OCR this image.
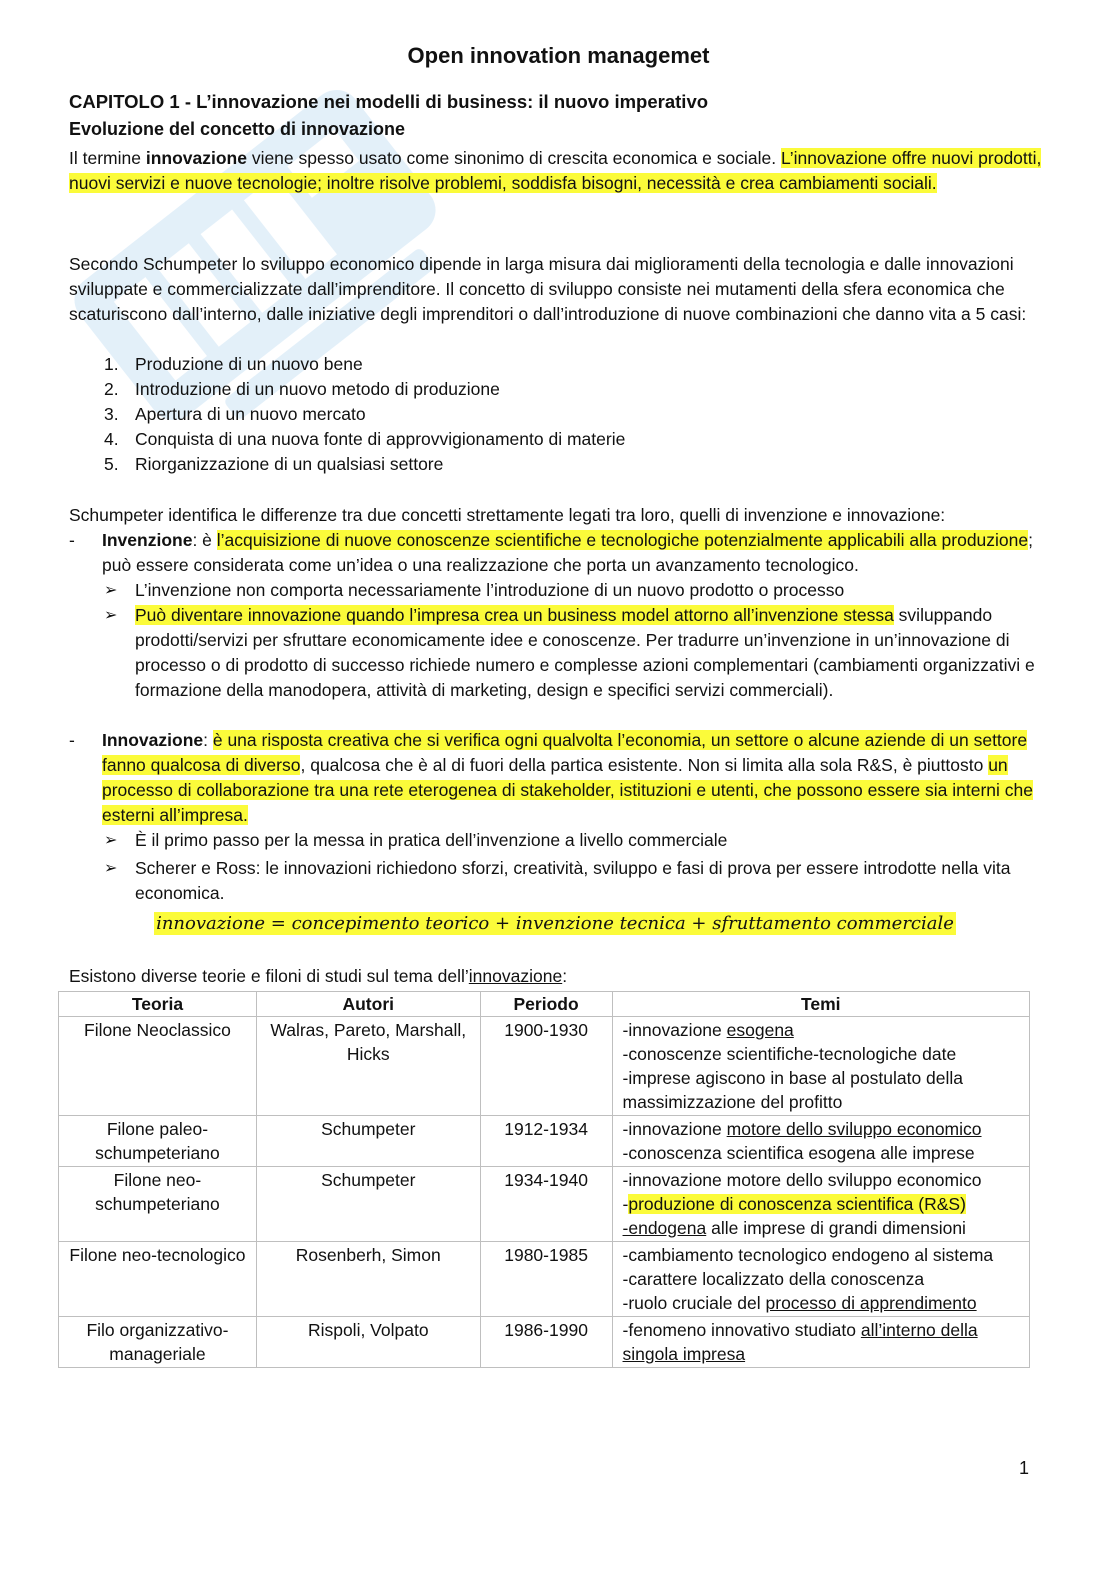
Open innovation managemet
CAPITOLO 1 - L’innovazione nei modelli di business: il nuovo imperativo
Evoluzione del concetto di innovazione

Il termine innovazione viene spesso usato come sinonimo di crescita economica e sociale. L’innovazione offre nuovi prodotti, nuovi servizi e nuove tecnologie; inoltre risolve problemi, soddisfa bisogni, necessità e crea cambiamenti sociali.

Secondo Schumpeter lo sviluppo economico dipende in larga misura dai miglioramenti della tecnologia e dalle innovazioni sviluppate e commercializzate dall’imprenditore. Il concetto di sviluppo consiste nei mutamenti della sfera economica che scaturiscono dall’interno, dalle iniziative degli imprenditori o dall’introduzione di nuove combinazioni che danno vita a 5 casi:

1. Produzione di un nuovo bene
2. Introduzione di un nuovo metodo di produzione
3. Apertura di un nuovo mercato
4. Conquista di una nuova fonte di approvvigionamento di materie
5. Riorganizzazione di un qualsiasi settore

Schumpeter identifica le differenze tra due concetti strettamente legati tra loro, quelli di invenzione e innovazione:

- Invenzione: è l’acquisizione di nuove conoscenze scientifiche e tecnologiche potenzialmente applicabili alla produzione; può essere considerata come un’idea o una realizzazione che porta un avanzamento tecnologico.
➢ L’invenzione non comporta necessariamente l’introduzione di un nuovo prodotto o processo
➢ Può diventare innovazione quando l’impresa crea un business model attorno all’invenzione stessa sviluppando prodotti/servizi per sfruttare economicamente idee e conoscenze. Per tradurre un’invenzione in un’innovazione di processo o di prodotto di successo richiede numero e complesse azioni complementari (cambiamenti organizzativi e formazione della manodopera, attività di marketing, design e specifici servizi commerciali).
- Innovazione: è una risposta creativa che si verifica ogni qualvolta l’economia, un settore o alcune aziende di un settore fanno qualcosa di diverso, qualcosa che è al di fuori della partica esistente. Non si limita alla sola R&S, è piuttosto un processo di collaborazione tra una rete eterogenea di stakeholder, istituzioni e utenti, che possono essere sia interni che esterni all’impresa.
➢ È il primo passo per la messa in pratica dell’invenzione a livello commerciale
➢ Scherer e Ross: le innovazioni richiedono sforzi, creatività, sviluppo e fasi di prova per essere introdotte nella vita economica.
innovazione = concepimento teorico + invenzione tecnica + sfruttamento commerciale

Esistono diverse teorie e filoni di studi sul tema dell’innovazione:

Teoria	Autori	Periodo	Temi
Filone Neoclassico	Walras, Pareto, Marshall, Hicks	1900-1930	-innovazione esogena
-conoscenze scientifiche-tecnologiche date
-imprese agiscono in base al postulato della massimizzazione del profitto

Filone paleo-schumpeteriano	Schumpeter	1912-1934	-innovazione motore dello sviluppo economico
-conoscenza scientifica esogena alle imprese

Filone neo-schumpeteriano	Schumpeter	1934-1940	-innovazione motore dello sviluppo economico
-produzione di conoscenza scientifica (R&S)
-endogena alle imprese di grandi dimensioni

Filone neo-tecnologico	Rosenberh, Simon	1980-1985	-cambiamento tecnologico endogeno al sistema
-carattere localizzato della conoscenza
-ruolo cruciale del processo di apprendimento

Filo organizzativo-manageriale	Rispoli, Volpato	1986-1990	-fenomeno innovativo studiato all’interno della singola impresa
1
